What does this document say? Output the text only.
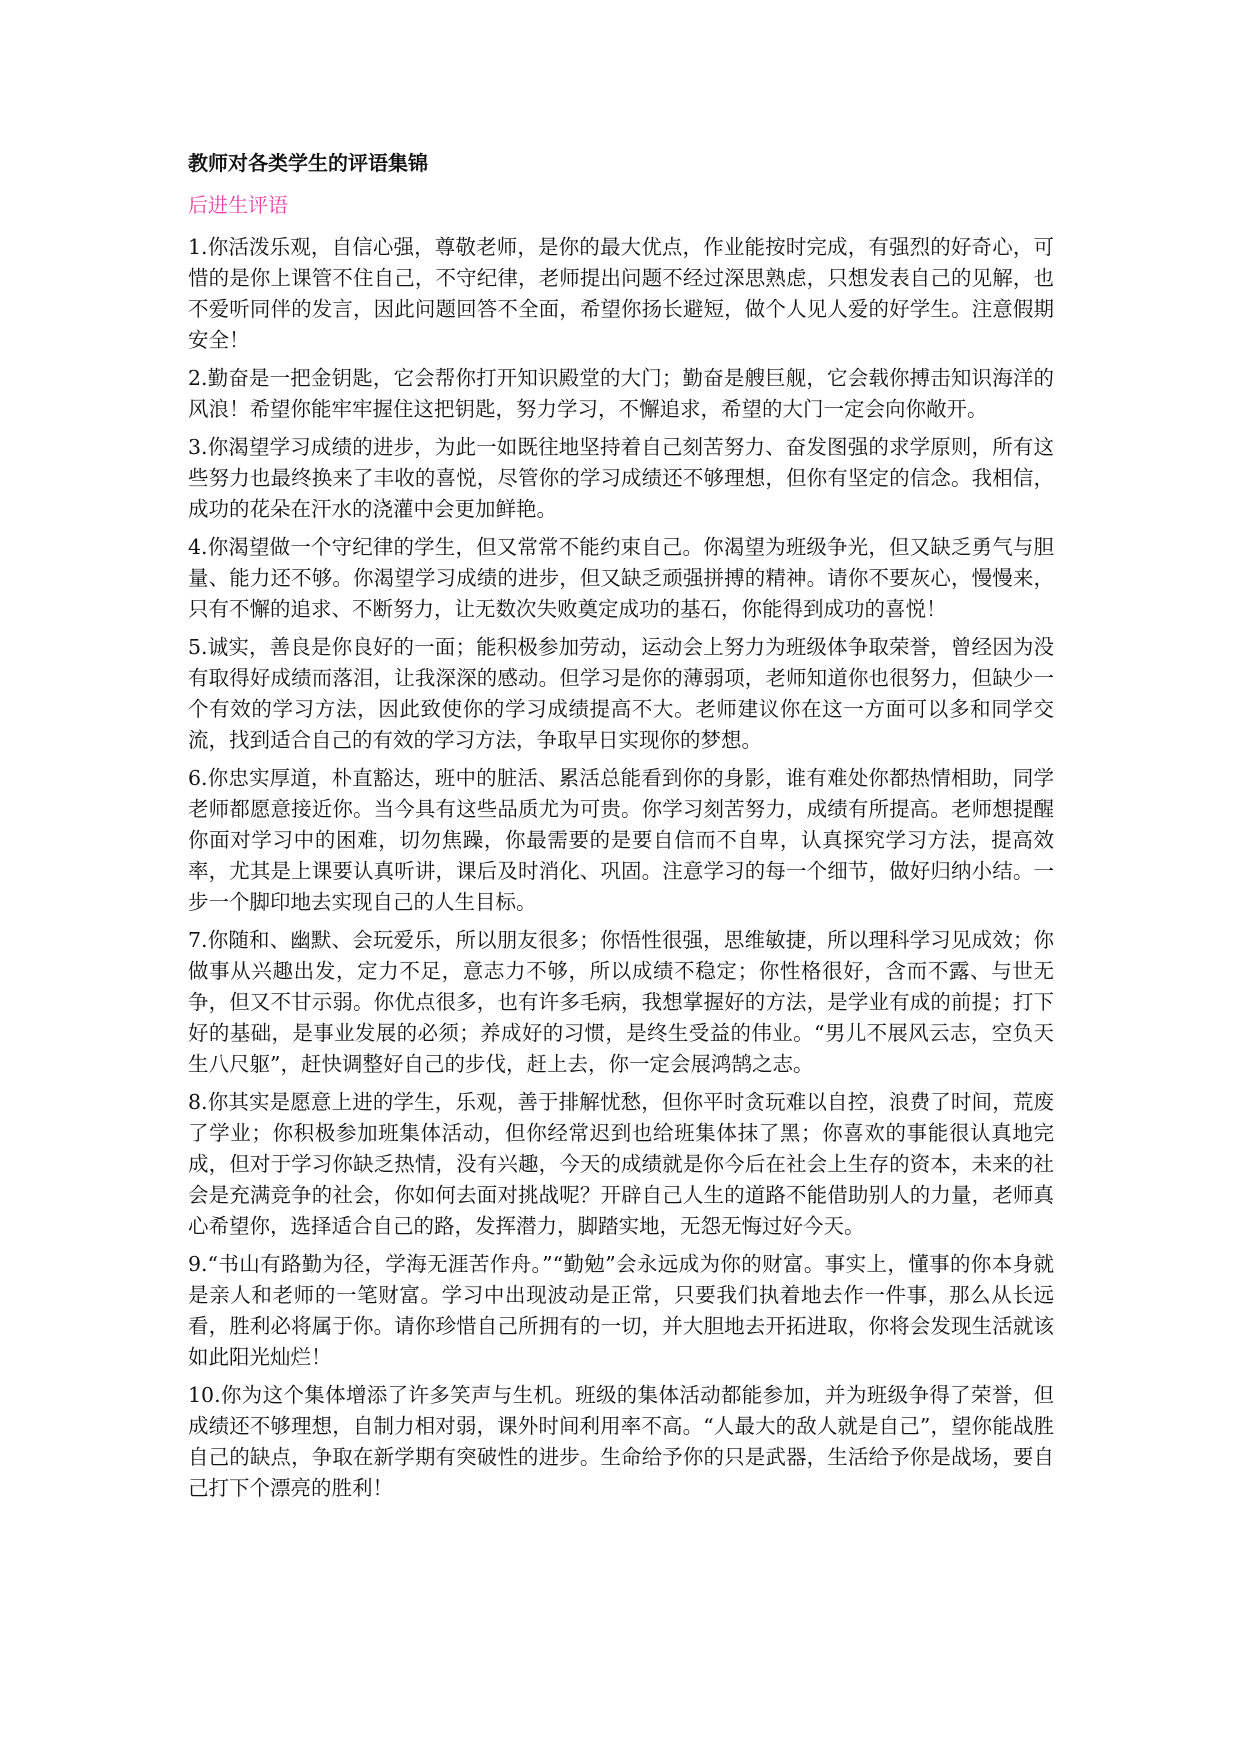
教师对各类学生的评语集锦

后进生评语

1.你活泼乐观，自信心强，尊敬老师，是你的最大优点，作业能按时完成，有强烈的好奇心，可惜的是你上课管不住自己，不守纪律，老师提出问题不经过深思熟虑，只想发表自己的见解，也不爱听同伴的发言，因此问题回答不全面，希望你扬长避短，做个人见人爱的好学生。注意假期安全！

2.勤奋是一把金钥匙，它会帮你打开知识殿堂的大门；勤奋是艘巨舰，它会载你搏击知识海洋的风浪！希望你能牢牢握住这把钥匙，努力学习，不懈追求，希望的大门一定会向你敞开。

3.你渴望学习成绩的进步，为此一如既往地坚持着自己刻苦努力、奋发图强的求学原则，所有这些努力也最终换来了丰收的喜悦，尽管你的学习成绩还不够理想，但你有坚定的信念。我相信，成功的花朵在汗水的浇灌中会更加鲜艳。

4.你渴望做一个守纪律的学生，但又常常不能约束自己。你渴望为班级争光，但又缺乏勇气与胆量、能力还不够。你渴望学习成绩的进步，但又缺乏顽强拼搏的精神。请你不要灰心，慢慢来，只有不懈的追求、不断努力，让无数次失败奠定成功的基石，你能得到成功的喜悦！

5.诚实，善良是你良好的一面；能积极参加劳动，运动会上努力为班级体争取荣誉，曾经因为没有取得好成绩而落泪，让我深深的感动。但学习是你的薄弱项，老师知道你也很努力，但缺少一个有效的学习方法，因此致使你的学习成绩提高不大。老师建议你在这一方面可以多和同学交流，找到适合自己的有效的学习方法，争取早日实现你的梦想。

6.你忠实厚道，朴直豁达，班中的脏活、累活总能看到你的身影，谁有难处你都热情相助，同学老师都愿意接近你。当今具有这些品质尤为可贵。你学习刻苦努力，成绩有所提高。老师想提醒你面对学习中的困难，切勿焦躁，你最需要的是要自信而不自卑，认真探究学习方法，提高效率，尤其是上课要认真听讲，课后及时消化、巩固。注意学习的每一个细节，做好归纳小结。一步一个脚印地去实现自己的人生目标。

7.你随和、幽默、会玩爱乐，所以朋友很多；你悟性很强，思维敏捷，所以理科学习见成效；你做事从兴趣出发，定力不足，意志力不够，所以成绩不稳定；你性格很好，含而不露、与世无争，但又不甘示弱。你优点很多，也有许多毛病，我想掌握好的方法，是学业有成的前提；打下好的基础，是事业发展的必须；养成好的习惯，是终生受益的伟业。“男儿不展风云志，空负天生八尺躯”，赶快调整好自己的步伐，赶上去，你一定会展鸿鹄之志。

8.你其实是愿意上进的学生，乐观，善于排解忧愁，但你平时贪玩难以自控，浪费了时间，荒废了学业；你积极参加班集体活动，但你经常迟到也给班集体抹了黑；你喜欢的事能很认真地完成，但对于学习你缺乏热情，没有兴趣，今天的成绩就是你今后在社会上生存的资本，未来的社会是充满竞争的社会，你如何去面对挑战呢？开辟自己人生的道路不能借助别人的力量，老师真心希望你，选择适合自己的路，发挥潜力，脚踏实地，无怨无悔过好今天。

9.“书山有路勤为径，学海无涯苦作舟。”“勤勉”会永远成为你的财富。事实上，懂事的你本身就是亲人和老师的一笔财富。学习中出现波动是正常，只要我们执着地去作一件事，那么从长远看，胜利必将属于你。请你珍惜自己所拥有的一切，并大胆地去开拓进取，你将会发现生活就该如此阳光灿烂！

10.你为这个集体增添了许多笑声与生机。班级的集体活动都能参加，并为班级争得了荣誉，但成绩还不够理想，自制力相对弱，课外时间利用率不高。“人最大的敌人就是自己”，望你能战胜自己的缺点，争取在新学期有突破性的进步。生命给予你的只是武器，生活给予你是战场，要自己打下个漂亮的胜利！
